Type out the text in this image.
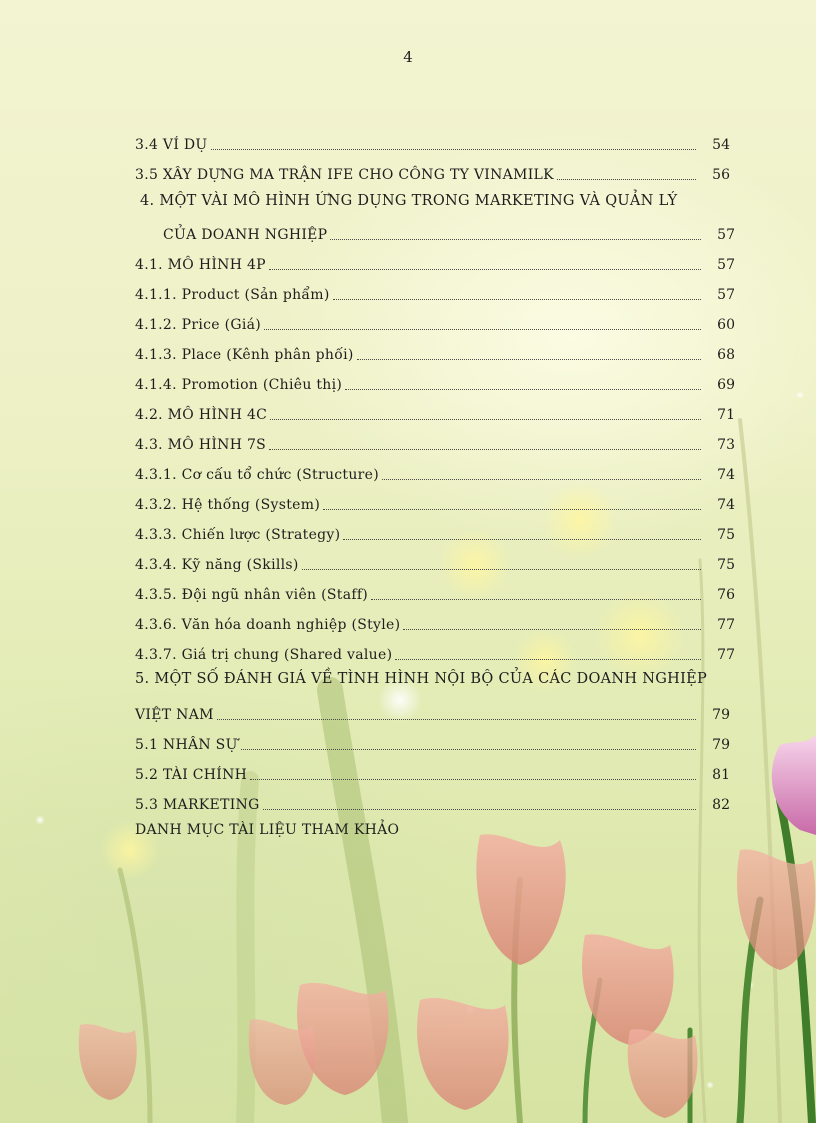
4
3.4 VÍ DỤ	54
3.5 XÂY DỰNG MA TRẬN IFE CHO CÔNG TY VINAMILK	56
4. MỘT VÀI MÔ HÌNH ỨNG DỤNG TRONG MARKETING VÀ QUẢN LÝ
CỦA DOANH NGHIỆP	57
4.1. MÔ HÌNH 4P	57
4.1.1. Product (Sản phẩm)	57
4.1.2. Price (Giá)	60
4.1.3. Place (Kênh phân phối)	68
4.1.4. Promotion (Chiêu thị)	69
4.2. MÔ HÌNH 4C	71
4.3. MÔ HÌNH 7S	73
4.3.1. Cơ cấu tổ chức (Structure)	74
4.3.2. Hệ thống (System)	74
4.3.3. Chiến lược (Strategy)	75
4.3.4. Kỹ năng (Skills)	75
4.3.5. Đội ngũ nhân viên (Staff)	76
4.3.6. Văn hóa doanh nghiệp (Style)	77
4.3.7. Giá trị chung (Shared value)	77
5. MỘT SỐ ĐÁNH GIÁ VỀ TÌNH HÌNH NỘI BỘ CỦA CÁC DOANH NGHIỆP
VIỆT NAM	79
5.1 NHÂN SỰ	79
5.2 TÀI CHÍNH	81
5.3 MARKETING	82
DANH MỤC TÀI LIỆU THAM KHẢO
